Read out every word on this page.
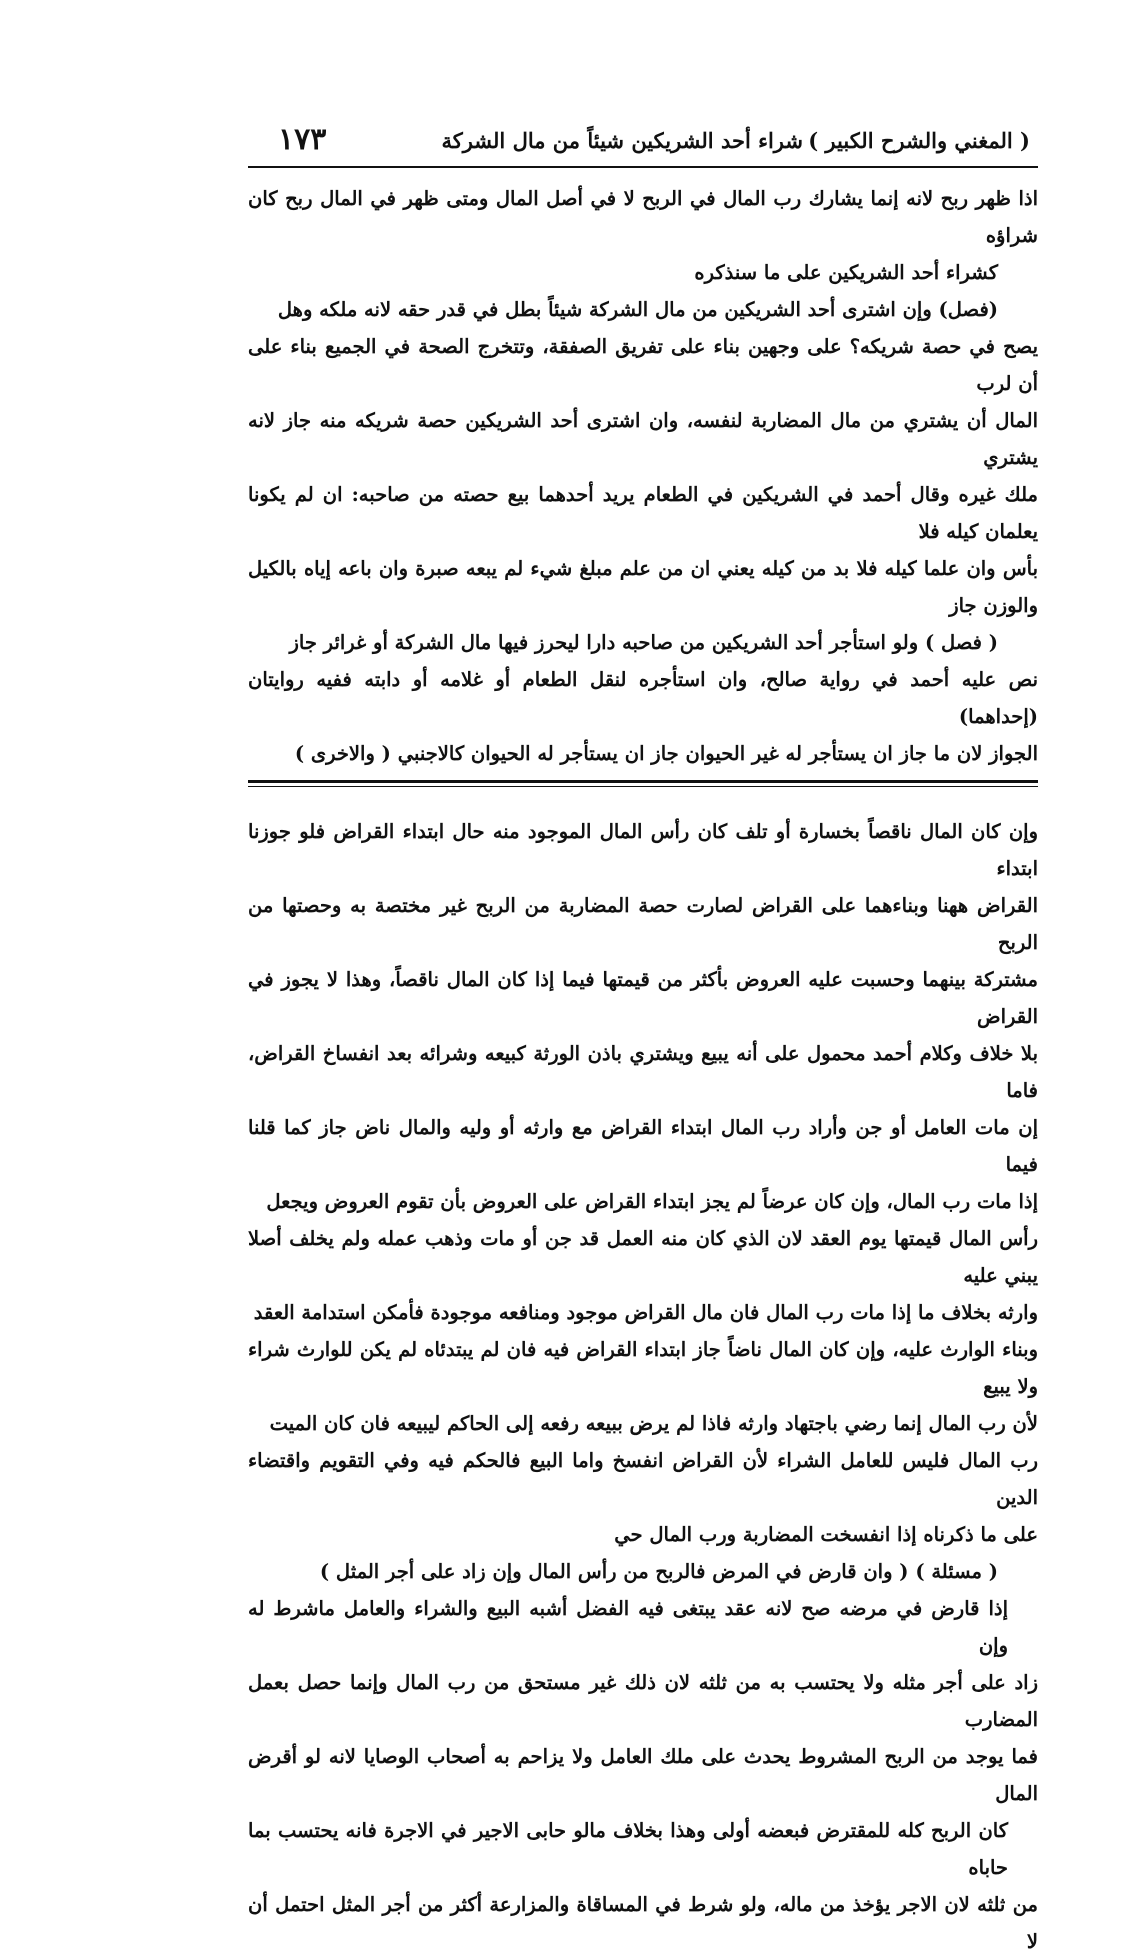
( المغني والشرح الكبير )
شراء أحد الشريكين شيئاً من مال الشركة
١٧٣

اذا ظهر ربح لانه إنما يشارك رب المال في الربح لا في أصل المال ومتى ظهر في المال ربح كان شراؤه

كشراء أحد الشريكين على ما سنذكره

(فصل) وإن اشترى أحد الشريكين من مال الشركة شيئاً بطل في قدر حقه لانه ملكه وهل

يصح في حصة شريكه؟ على وجهين بناء على تفريق الصفقة، وتتخرج الصحة في الجميع بناء على أن لرب

المال أن يشتري من مال المضاربة لنفسه، وان اشترى أحد الشريكين حصة شريكه منه جاز لانه يشتري

ملك غيره وقال أحمد في الشريكين في الطعام يريد أحدهما بيع حصته من صاحبه: ان لم يكونا يعلمان كيله فلا

بأس وان علما كيله فلا بد من كيله يعني ان من علم مبلغ شيء لم يبعه صبرة وان باعه إياه بالكيل والوزن جاز

( فصل ) ولو استأجر أحد الشريكين من صاحبه دارا ليحرز فيها مال الشركة أو غرائر جاز

نص عليه أحمد في رواية صالح، وان استأجره لنقل الطعام أو غلامه أو دابته ففيه روايتان (إحداهما)

الجواز لان ما جاز ان يستأجر له غير الحيوان جاز ان يستأجر له الحيوان كالاجنبي ( والاخرى )

وإن كان المال ناقصاً بخسارة أو تلف كان رأس المال الموجود منه حال ابتداء القراض فلو جوزنا ابتداء

القراض ههنا وبناءهما على القراض لصارت حصة المضاربة من الربح غير مختصة به وحصتها من الربح

مشتركة بينهما وحسبت عليه العروض بأكثر من قيمتها فيما إذا كان المال ناقصاً، وهذا لا يجوز في القراض

بلا خلاف وكلام أحمد محمول على أنه يبيع ويشتري باذن الورثة كبيعه وشرائه بعد انفساخ القراض، فاما

إن مات العامل أو جن وأراد رب المال ابتداء القراض مع وارثه أو وليه والمال ناض جاز كما قلنا فيما

إذا مات رب المال، وإن كان عرضاً لم يجز ابتداء القراض على العروض بأن تقوم العروض ويجعل

رأس المال قيمتها يوم العقد لان الذي كان منه العمل قد جن أو مات وذهب عمله ولم يخلف أصلا يبني عليه

وارثه بخلاف ما إذا مات رب المال فان مال القراض موجود ومنافعه موجودة فأمكن استدامة العقد

وبناء الوارث عليه، وإن كان المال ناضاً جاز ابتداء القراض فيه فان لم يبتدئاه لم يكن للوارث شراء ولا يبيع

لأن رب المال إنما رضي باجتهاد وارثه فاذا لم يرض ببيعه رفعه إلى الحاكم ليبيعه فان كان الميت

رب المال فليس للعامل الشراء لأن القراض انفسخ واما البيع فالحكم فيه وفي التقويم واقتضاء الدين

على ما ذكرناه إذا انفسخت المضاربة ورب المال حي

( مسئلة ) ( وان قارض في المرض فالربح من رأس المال وإن زاد على أجر المثل )

إذا قارض في مرضه صح لانه عقد يبتغى فيه الفضل أشبه البيع والشراء والعامل ماشرط له وإن

زاد على أجر مثله ولا يحتسب به من ثلثه لان ذلك غير مستحق من رب المال وإنما حصل بعمل المضارب

فما يوجد من الربح المشروط يحدث على ملك العامل ولا يزاحم به أصحاب الوصايا لانه لو أقرض المال

كان الربح كله للمقترض فبعضه أولى وهذا بخلاف مالو حابى الاجير في الاجرة فانه يحتسب بما حاباه

من ثلثه لان الاجر يؤخذ من ماله، ولو شرط في المساقاة والمزارعة أكثر من أجر المثل احتمل أن لا
